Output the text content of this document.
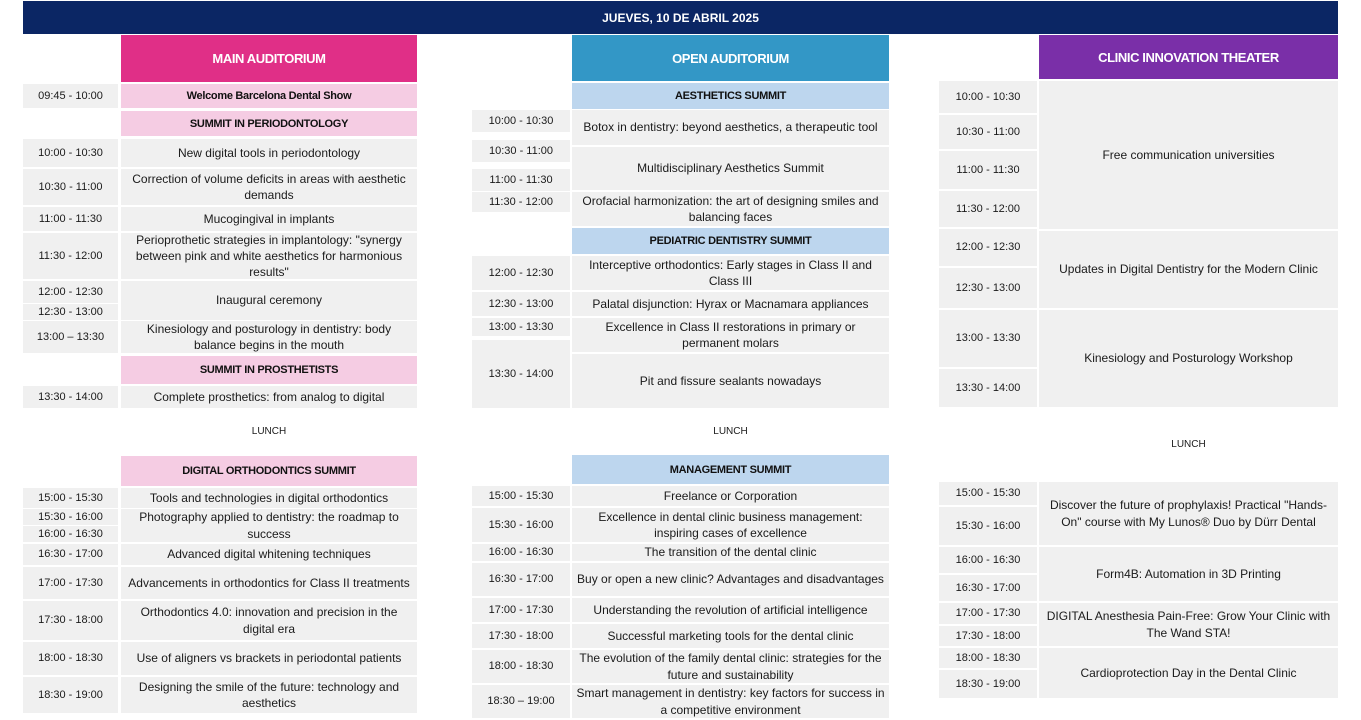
JUEVES, 10 DE ABRIL 2025
MAIN AUDITORIUM
09:45 - 10:00	Welcome Barcelona Dental Show
SUMMIT IN PERIODONTOLOGY
10:00 - 10:30
10:30 - 11:00
11:00 - 11:30
11:30 - 12:00
12:00 - 12:30
12:30 - 13:00
13:00 – 13:30
New digital tools in periodontology
Correction of volume deficits in areas with aesthetic demands
Mucogingival in implants
Perioprothetic strategies in implantology: "synergy between pink and white aesthetics for harmonious results"
Inaugural ceremony
Kinesiology and posturology in dentistry: body balance begins in the mouth
SUMMIT IN PROSTHETISTS
13:30 - 14:00	Complete prosthetics: from analog to digital
LUNCH
DIGITAL ORTHODONTICS SUMMIT
15:00 - 15:30
15:30 - 16:00
16:00 - 16:30
16:30 - 17:00
17:00 - 17:30
17:30 - 18:00
18:00 - 18:30
18:30 - 19:00
Tools and technologies in digital orthodontics
Photography applied to dentistry: the roadmap to success
Advanced digital whitening techniques
Advancements in orthodontics for Class II treatments
Orthodontics 4.0: innovation and precision in the digital era
Use of aligners vs brackets in periodontal patients
Designing the smile of the future: technology and aesthetics
OPEN AUDITORIUM
AESTHETICS SUMMIT
10:00 - 10:30
10:30 - 11:00
11:00 - 11:30
11:30 - 12:00
Botox in dentistry: beyond aesthetics, a therapeutic tool
Multidisciplinary Aesthetics Summit
Orofacial harmonization: the art of designing smiles and balancing faces
PEDIATRIC DENTISTRY SUMMIT
12:00 - 12:30
12:30 - 13:00
13:00 - 13:30
13:30 - 14:00
Interceptive orthodontics: Early stages in Class II and Class III
Palatal disjunction: Hyrax or Macnamara appliances
Excellence in Class II restorations in primary or permanent molars
Pit and fissure sealants nowadays
LUNCH
MANAGEMENT SUMMIT
15:00 - 15:30
15:30 - 16:00
16:00 - 16:30
16:30 - 17:00
17:00 - 17:30
17:30 - 18:00
18:00 - 18:30
18:30 – 19:00
Freelance or Corporation
Excellence in dental clinic business management: inspiring cases of excellence
The transition of the dental clinic
Buy or open a new clinic? Advantages and disadvantages
Understanding the revolution of artificial intelligence
Successful marketing tools for the dental clinic
The evolution of the family dental clinic: strategies for the future and sustainability
Smart management in dentistry: key factors for success in a competitive environment
CLINIC INNOVATION THEATER
10:00 - 10:30
10:30 - 11:00
11:00 - 11:30
11:30 - 12:00
12:00 - 12:30
12:30 - 13:00
13:00 - 13:30
13:30 - 14:00
Free communication universities
Updates in Digital Dentistry for the Modern Clinic
Kinesiology and Posturology Workshop
LUNCH
15:00 - 15:30
15:30 - 16:00
16:00 - 16:30
16:30 - 17:00
17:00 - 17:30
17:30 - 18:00
18:00 - 18:30
18:30 - 19:00
Discover the future of prophylaxis! Practical "Hands-On" course with My Lunos® Duo by Dürr Dental
Form4B: Automation in 3D Printing
DIGITAL Anesthesia Pain-Free: Grow Your Clinic with The Wand STA!
Cardioprotection Day in the Dental Clinic
